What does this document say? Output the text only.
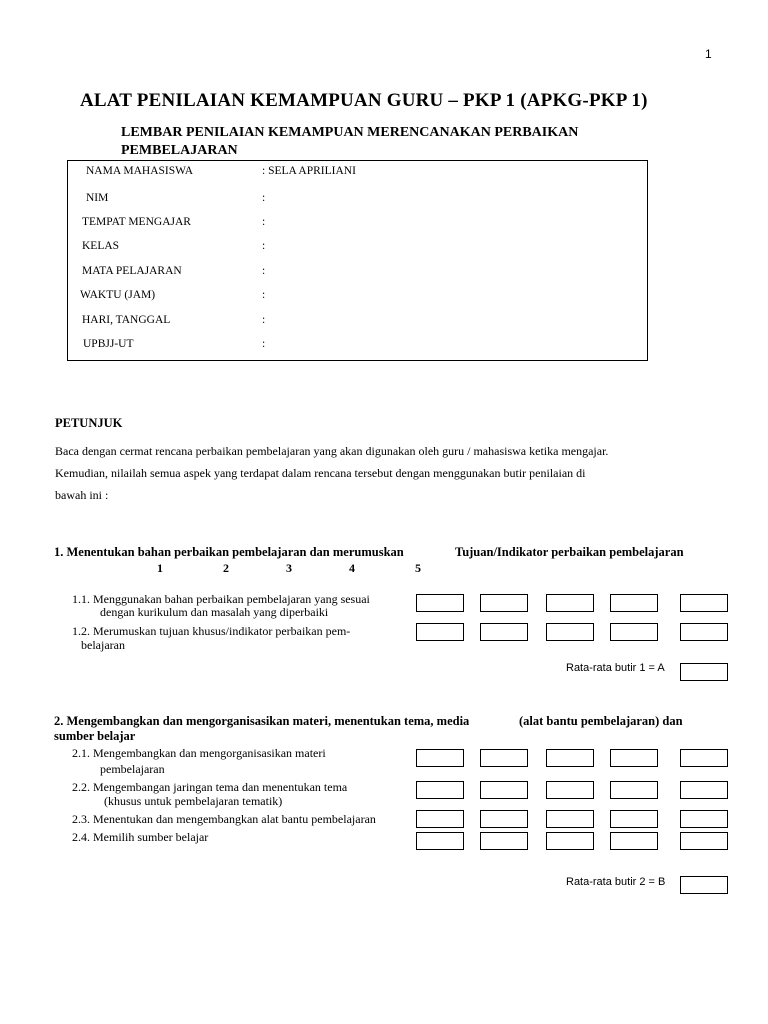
1
ALAT PENILAIAN KEMAMPUAN GURU – PKP 1 (APKG-PKP 1)
LEMBAR PENILAIAN KEMAMPUAN MERENCANAKAN PERBAIKAN PEMBELAJARAN
NAMA MAHASISWA	: SELA APRILIANI
NIM	:
TEMPAT MENGAJAR	:
KELAS	:
MATA PELAJARAN	:
WAKTU (JAM)	:
HARI, TANGGAL	:
UPBJJ-UT	:
PETUNJUK
Baca dengan cermat rencana perbaikan pembelajaran yang akan digunakan oleh guru / mahasiswa ketika mengajar.
Kemudian, nilailah semua aspek yang terdapat dalam rencana tersebut dengan menggunakan butir penilaian di
bawah ini :
1. Menentukan bahan perbaikan pembelajaran dan merumuskan	Tujuan/Indikator perbaikan pembelajaran
1	2	3	4	5
1.1. Menggunakan bahan perbaikan pembelajaran yang sesuai
dengan kurikulum dan masalah yang diperbaiki
1.2. Merumuskan tujuan khusus/indikator perbaikan pem-
belajaran
Rata-rata butir 1 = A
2. Mengembangkan dan mengorganisasikan materi, menentukan tema, media	(alat bantu pembelajaran) dan
sumber belajar
2.1. Mengembangkan dan mengorganisasikan materi
pembelajaran
2.2. Mengembangan jaringan tema dan menentukan tema
(khusus untuk pembelajaran tematik)
2.3. Menentukan dan mengembangkan alat bantu pembelajaran
2.4. Memilih sumber belajar
Rata-rata butir 2 = B
